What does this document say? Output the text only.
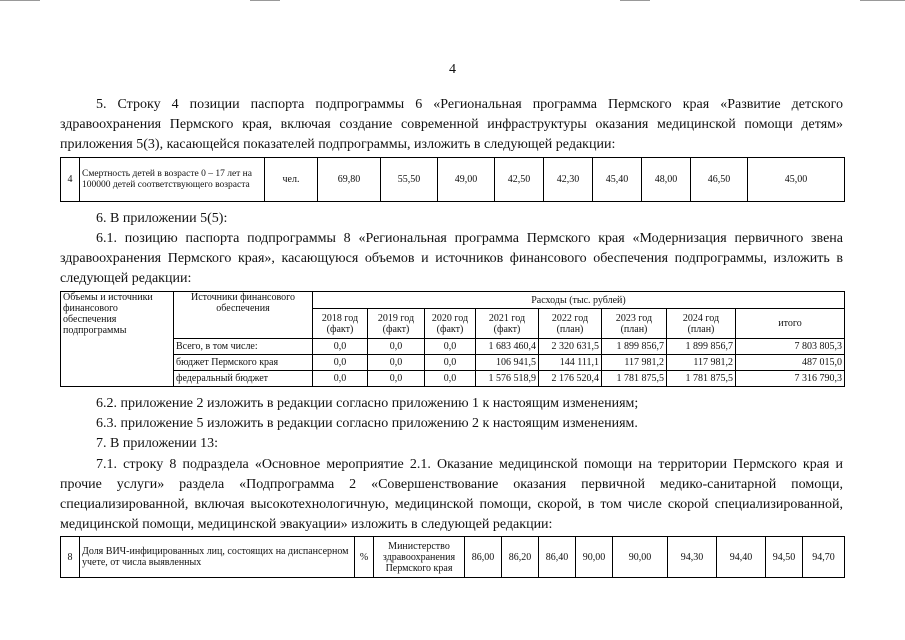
4
5. Строку 4 позиции паспорта подпрограммы 6 «Региональная программа Пермского края «Развитие детского здравоохранения Пермского края, включая создание современной инфраструктуры оказания медицинской помощи детям» приложения 5(3), касающейся показателей подпрограммы, изложить в следующей редакции:
4	Смертность детей в возрасте 0 – 17 лет на 100000 детей соответствующего возраста	чел.	69,80	55,50	49,00	42,50	42,30	45,40	48,00	46,50	45,00
6. В приложении 5(5):
6.1. позицию паспорта подпрограммы 8 «Региональная программа Пермского края «Модернизация первичного звена здравоохранения Пермского края», касающуюся объемов и источников финансового обеспечения подпрограммы, изложить в следующей редакции:
Объемы и источники финансового обеспечения подпрограммы	Источники финансового обеспечения	Расходы (тыс. рублей)							
		2018 год (факт)	2019 год (факт)	2020 год (факт)	2021 год (факт)	2022 год (план)	2023 год (план)	2024 год (план)	итого
	Всего, в том числе:	0,0	0,0	0,0	1 683 460,4	2 320 631,5	1 899 856,7	1 899 856,7	7 803 805,3
	бюджет Пермского края	0,0	0,0	0,0	106 941,5	144 111,1	117 981,2	117 981,2	487 015,0
	федеральный бюджет	0,0	0,0	0,0	1 576 518,9	2 176 520,4	1 781 875,5	1 781 875,5	7 316 790,3
6.2. приложение 2 изложить в редакции согласно приложению 1 к настоящим изменениям;
6.3. приложение 5 изложить в редакции согласно приложению 2 к настоящим изменениям.
7. В приложении 13:
7.1. строку 8 подраздела «Основное мероприятие 2.1. Оказание медицинской помощи на территории Пермского края и прочие услуги» раздела «Подпрограмма 2 «Совершенствование оказания первичной медико-санитарной помощи, специализированной, включая высокотехнологичную, медицинской помощи, скорой, в том числе скорой специализированной, медицинской помощи, медицинской эвакуации» изложить в следующей редакции:
8	Доля ВИЧ-инфицированных лиц, состоящих на диспансерном учете, от числа выявленных	%	Министерство здравоохранения Пермского края	86,00	86,20	86,40	90,00	90,00	94,30	94,40	94,50	94,70
